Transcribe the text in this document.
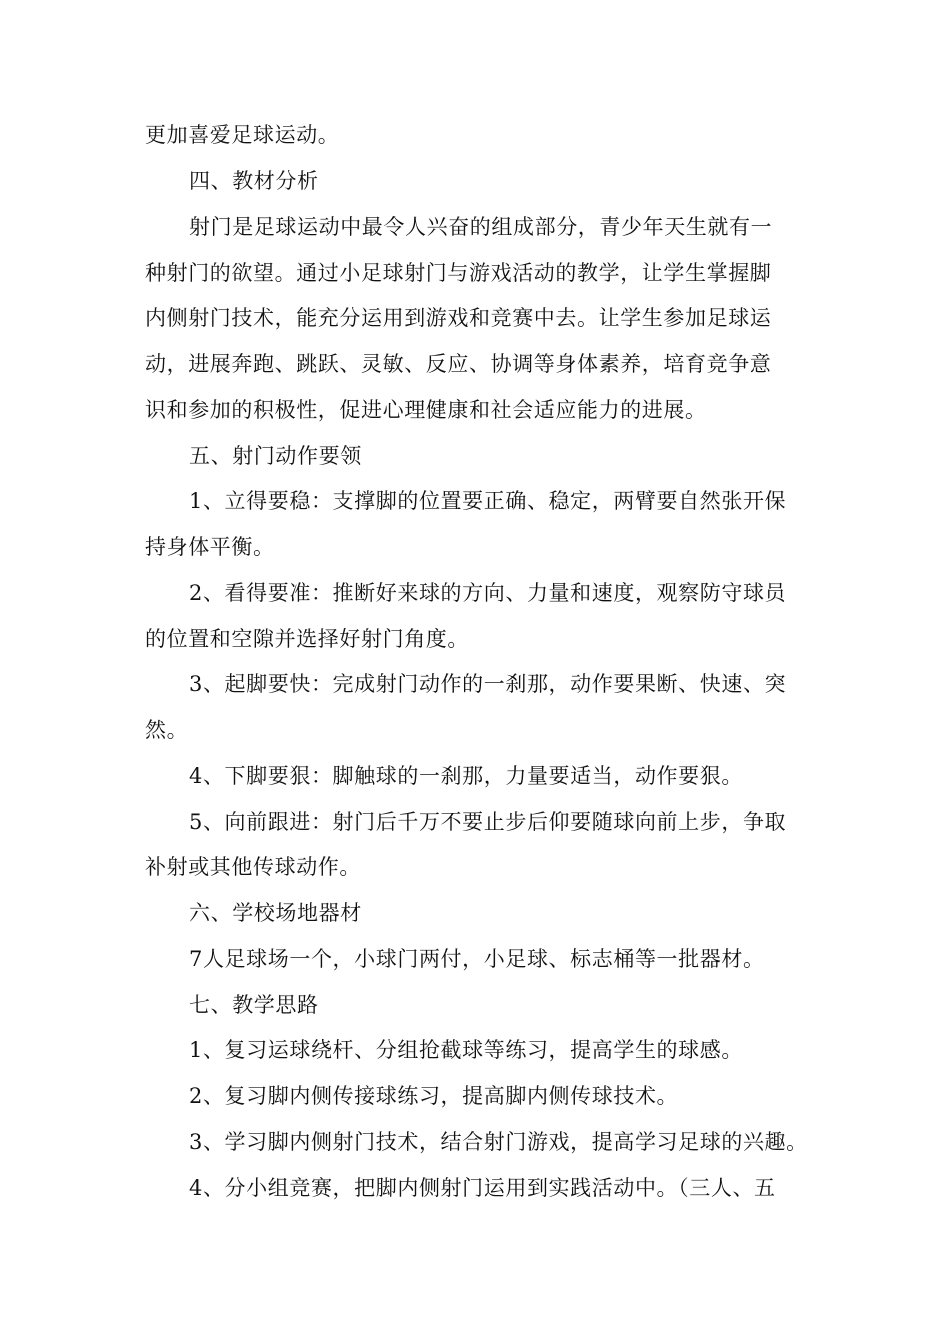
更加喜爱足球运动。
四、教材分析
射门是足球运动中最令人兴奋的组成部分，青少年天生就有一
种射门的欲望。通过小足球射门与游戏活动的教学，让学生掌握脚
内侧射门技术，能充分运用到游戏和竞赛中去。让学生参加足球运
动，进展奔跑、跳跃、灵敏、反应、协调等身体素养，培育竞争意
识和参加的积极性，促进心理健康和社会适应能力的进展。
五、射门动作要领
1、立得要稳：支撑脚的位置要正确、稳定，两臂要自然张开保
持身体平衡。
2、看得要准：推断好来球的方向、力量和速度，观察防守球员
的位置和空隙并选择好射门角度。
3、起脚要快：完成射门动作的一刹那，动作要果断、快速、突
然。
4、下脚要狠：脚触球的一刹那，力量要适当，动作要狠。
5、向前跟进：射门后千万不要止步后仰要随球向前上步，争取
补射或其他传球动作。
六、学校场地器材
7人足球场一个，小球门两付，小足球、标志桶等一批器材。
七、教学思路
1、复习运球绕杆、分组抢截球等练习，提高学生的球感。
2、复习脚内侧传接球练习，提高脚内侧传球技术。
3、学习脚内侧射门技术，结合射门游戏，提高学习足球的兴趣。
4、分小组竞赛，把脚内侧射门运用到实践活动中。（三人、五
